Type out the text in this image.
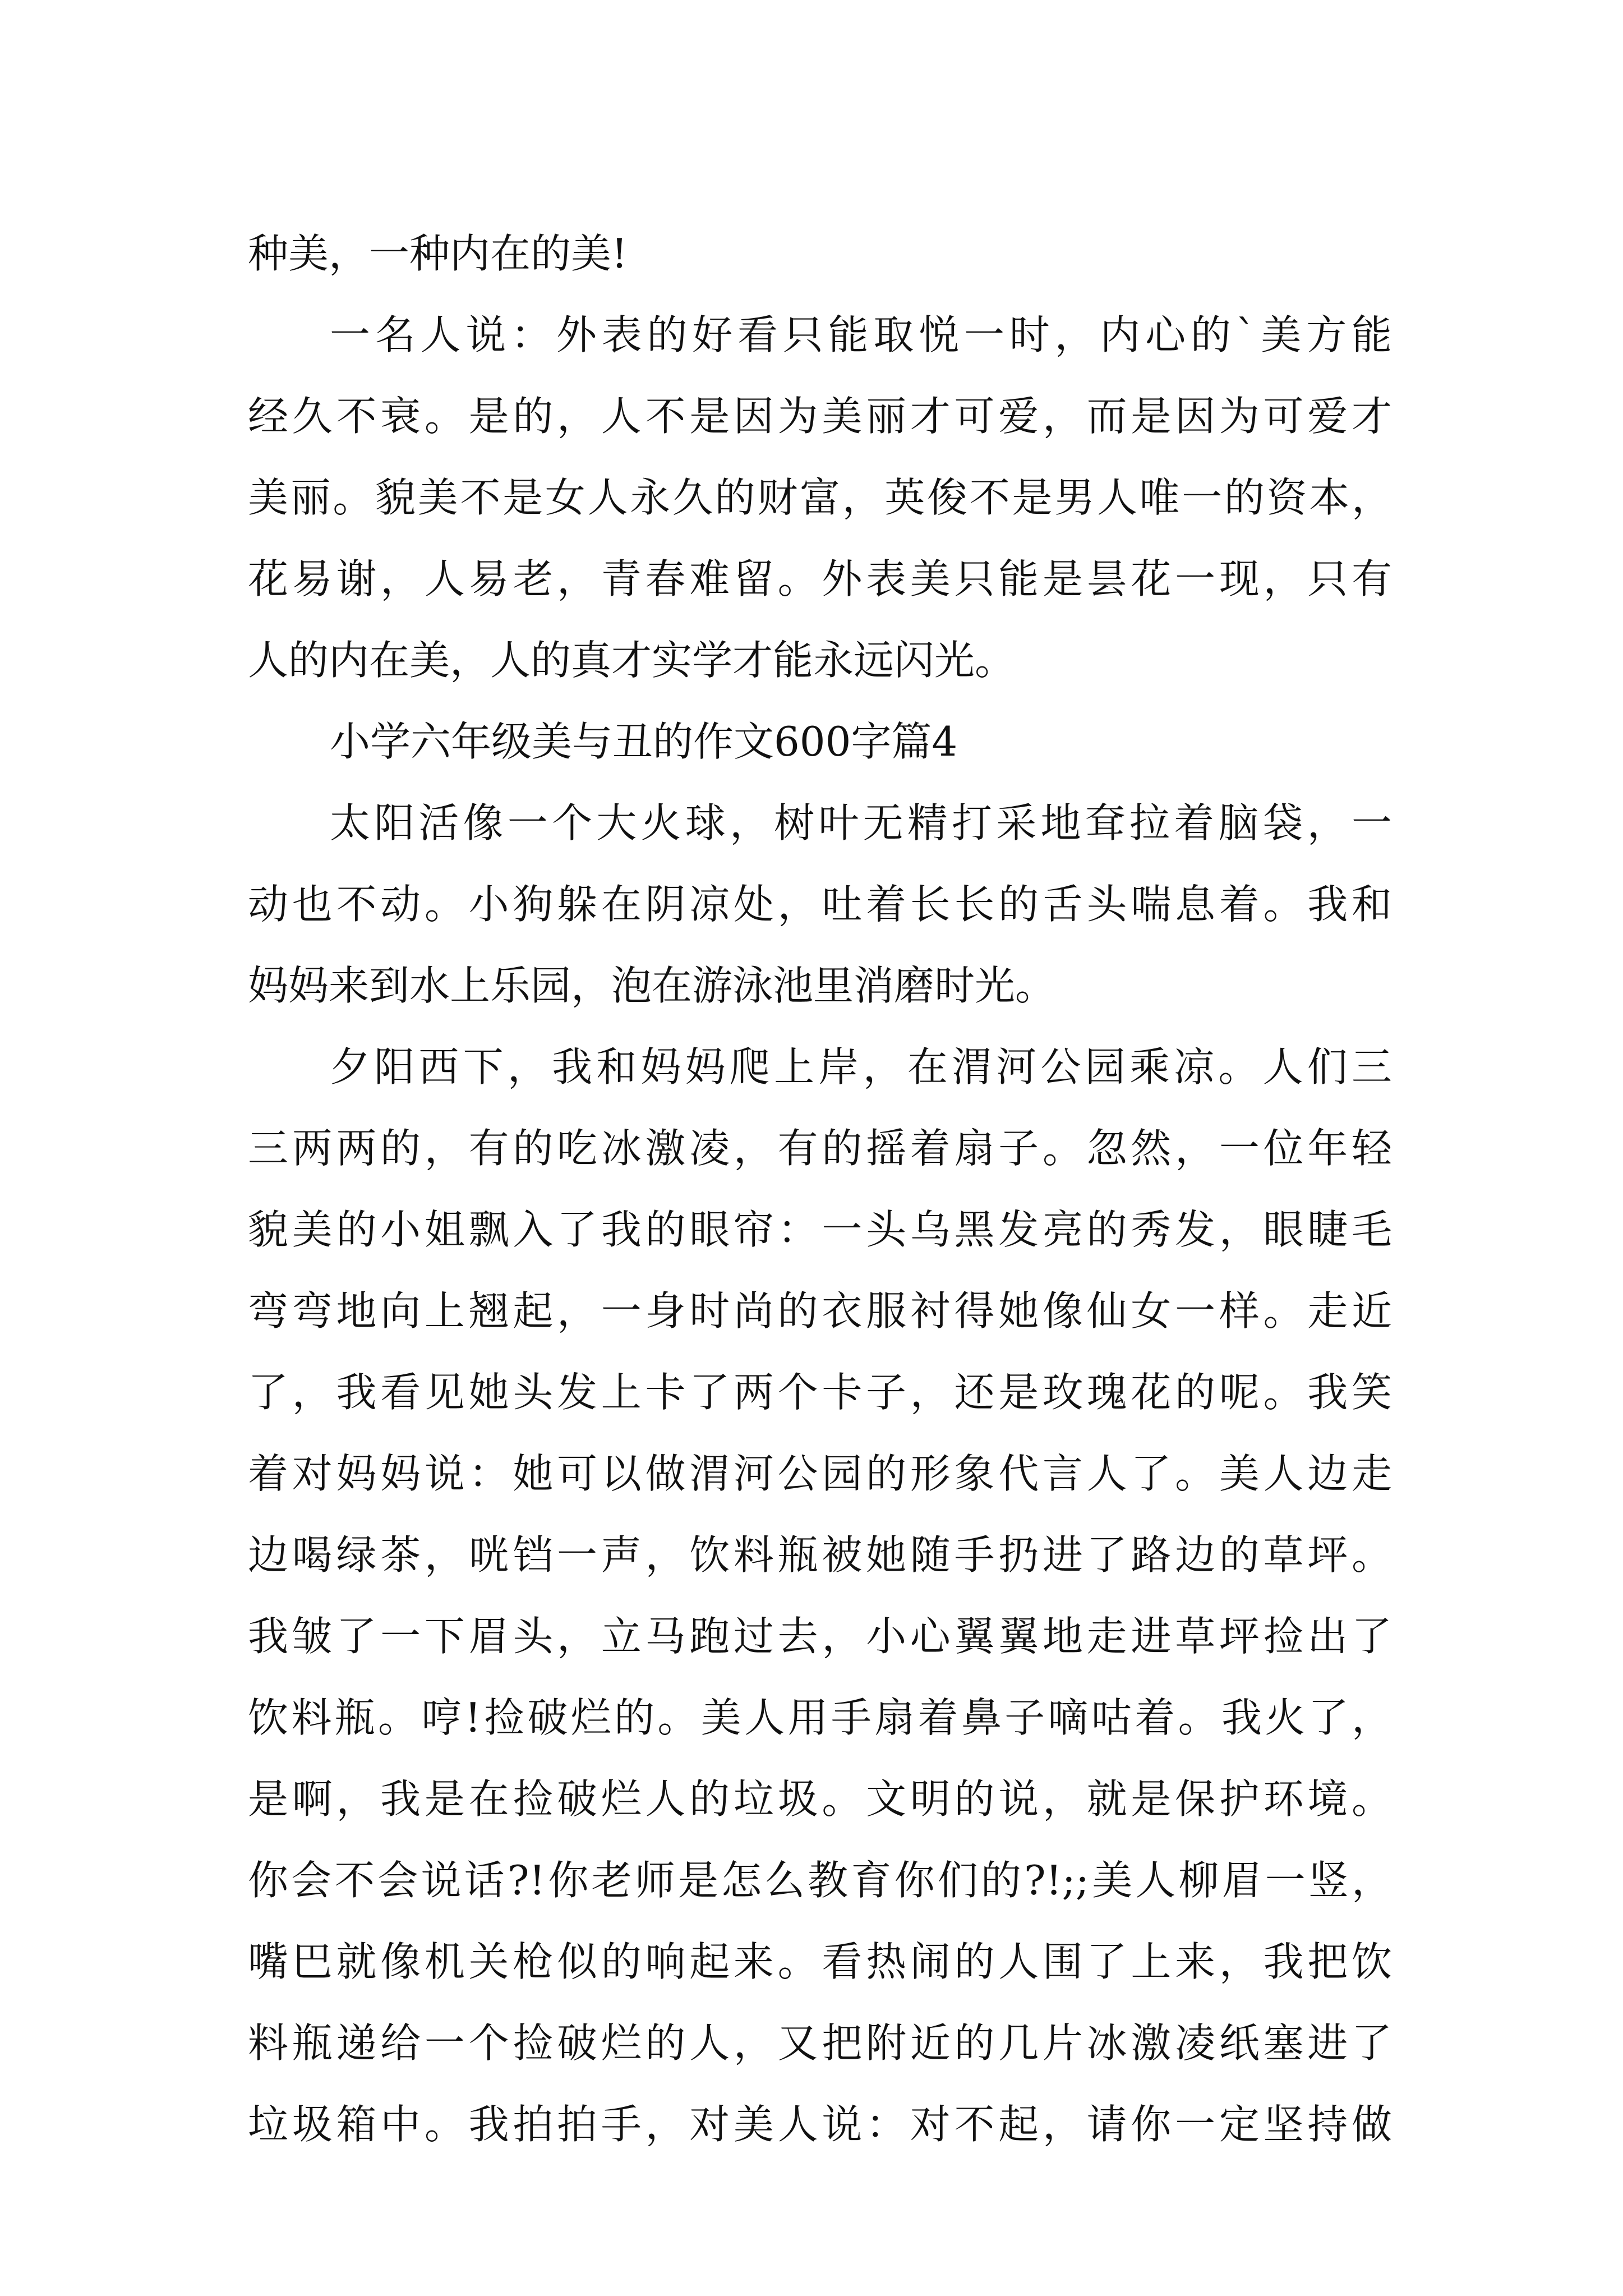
种美，一种内在的美!
一名人说：外表的好看只能取悦一时，内心的`美方能
经久不衰。是的，人不是因为美丽才可爱，而是因为可爱才
美丽。貌美不是女人永久的财富，英俊不是男人唯一的资本，
花易谢，人易老，青春难留。外表美只能是昙花一现，只有
人的内在美，人的真才实学才能永远闪光。
小学六年级美与丑的作文600字篇4
太阳活像一个大火球，树叶无精打采地耷拉着脑袋，一
动也不动。小狗躲在阴凉处，吐着长长的舌头喘息着。我和
妈妈来到水上乐园，泡在游泳池里消磨时光。
夕阳西下，我和妈妈爬上岸，在渭河公园乘凉。人们三
三两两的，有的吃冰激凌，有的摇着扇子。忽然，一位年轻
貌美的小姐飘入了我的眼帘：一头乌黑发亮的秀发，眼睫毛
弯弯地向上翘起，一身时尚的衣服衬得她像仙女一样。走近
了，我看见她头发上卡了两个卡子，还是玫瑰花的呢。我笑
着对妈妈说：她可以做渭河公园的形象代言人了。美人边走
边喝绿茶，咣铛一声，饮料瓶被她随手扔进了路边的草坪。
我皱了一下眉头，立马跑过去，小心翼翼地走进草坪捡出了
饮料瓶。哼!捡破烂的。美人用手扇着鼻子嘀咕着。我火了，
是啊，我是在捡破烂人的垃圾。文明的说，就是保护环境。
你会不会说话?!你老师是怎么教育你们的?!;;美人柳眉一竖，
嘴巴就像机关枪似的响起来。看热闹的人围了上来，我把饮
料瓶递给一个捡破烂的人，又把附近的几片冰激凌纸塞进了
垃圾箱中。我拍拍手，对美人说：对不起，请你一定坚持做
